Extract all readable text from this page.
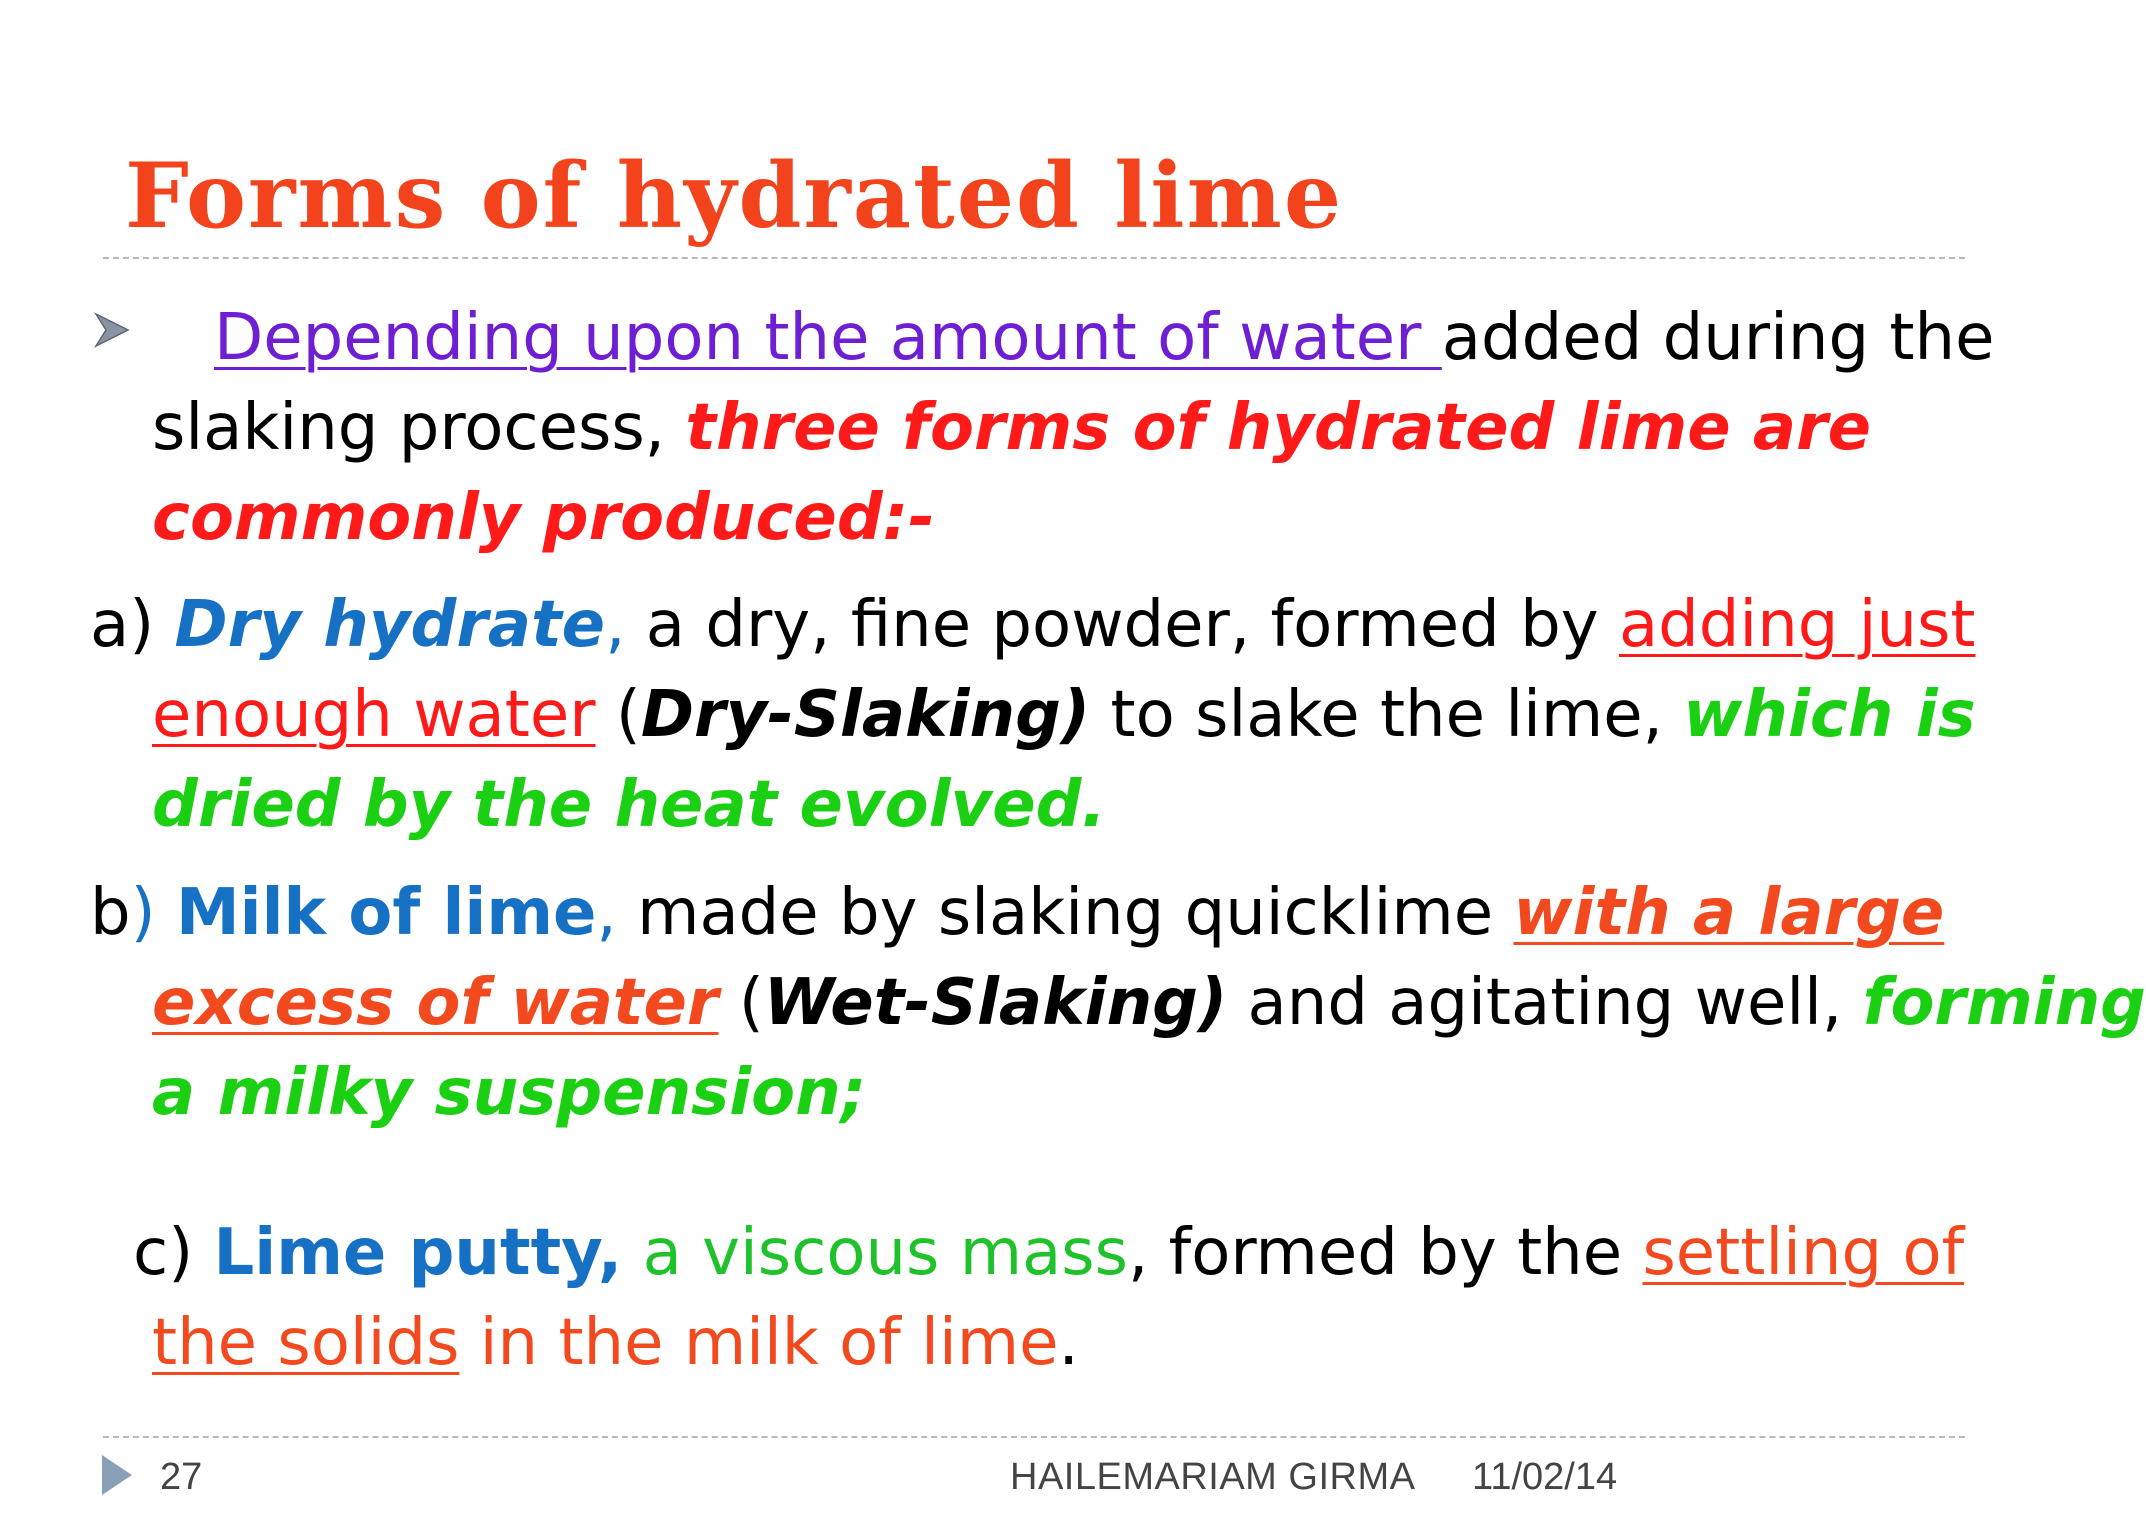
Forms of hydrated lime

Depending upon the amount of water added during the
slaking process, three forms of hydrated lime are
commonly produced:-

a) Dry hydrate, a dry, fine powder, formed by adding just
enough water (Dry-Slaking) to slake the lime, which is
dried by the heat evolved.

b) Milk of lime, made by slaking quicklime with a large
excess of water (Wet-Slaking) and agitating well, forming
a milky suspension;

c) Lime putty, a viscous mass, formed by the settling of
the solids in the milk of lime.

27	HAILEMARIAM GIRMA 11/02/14
